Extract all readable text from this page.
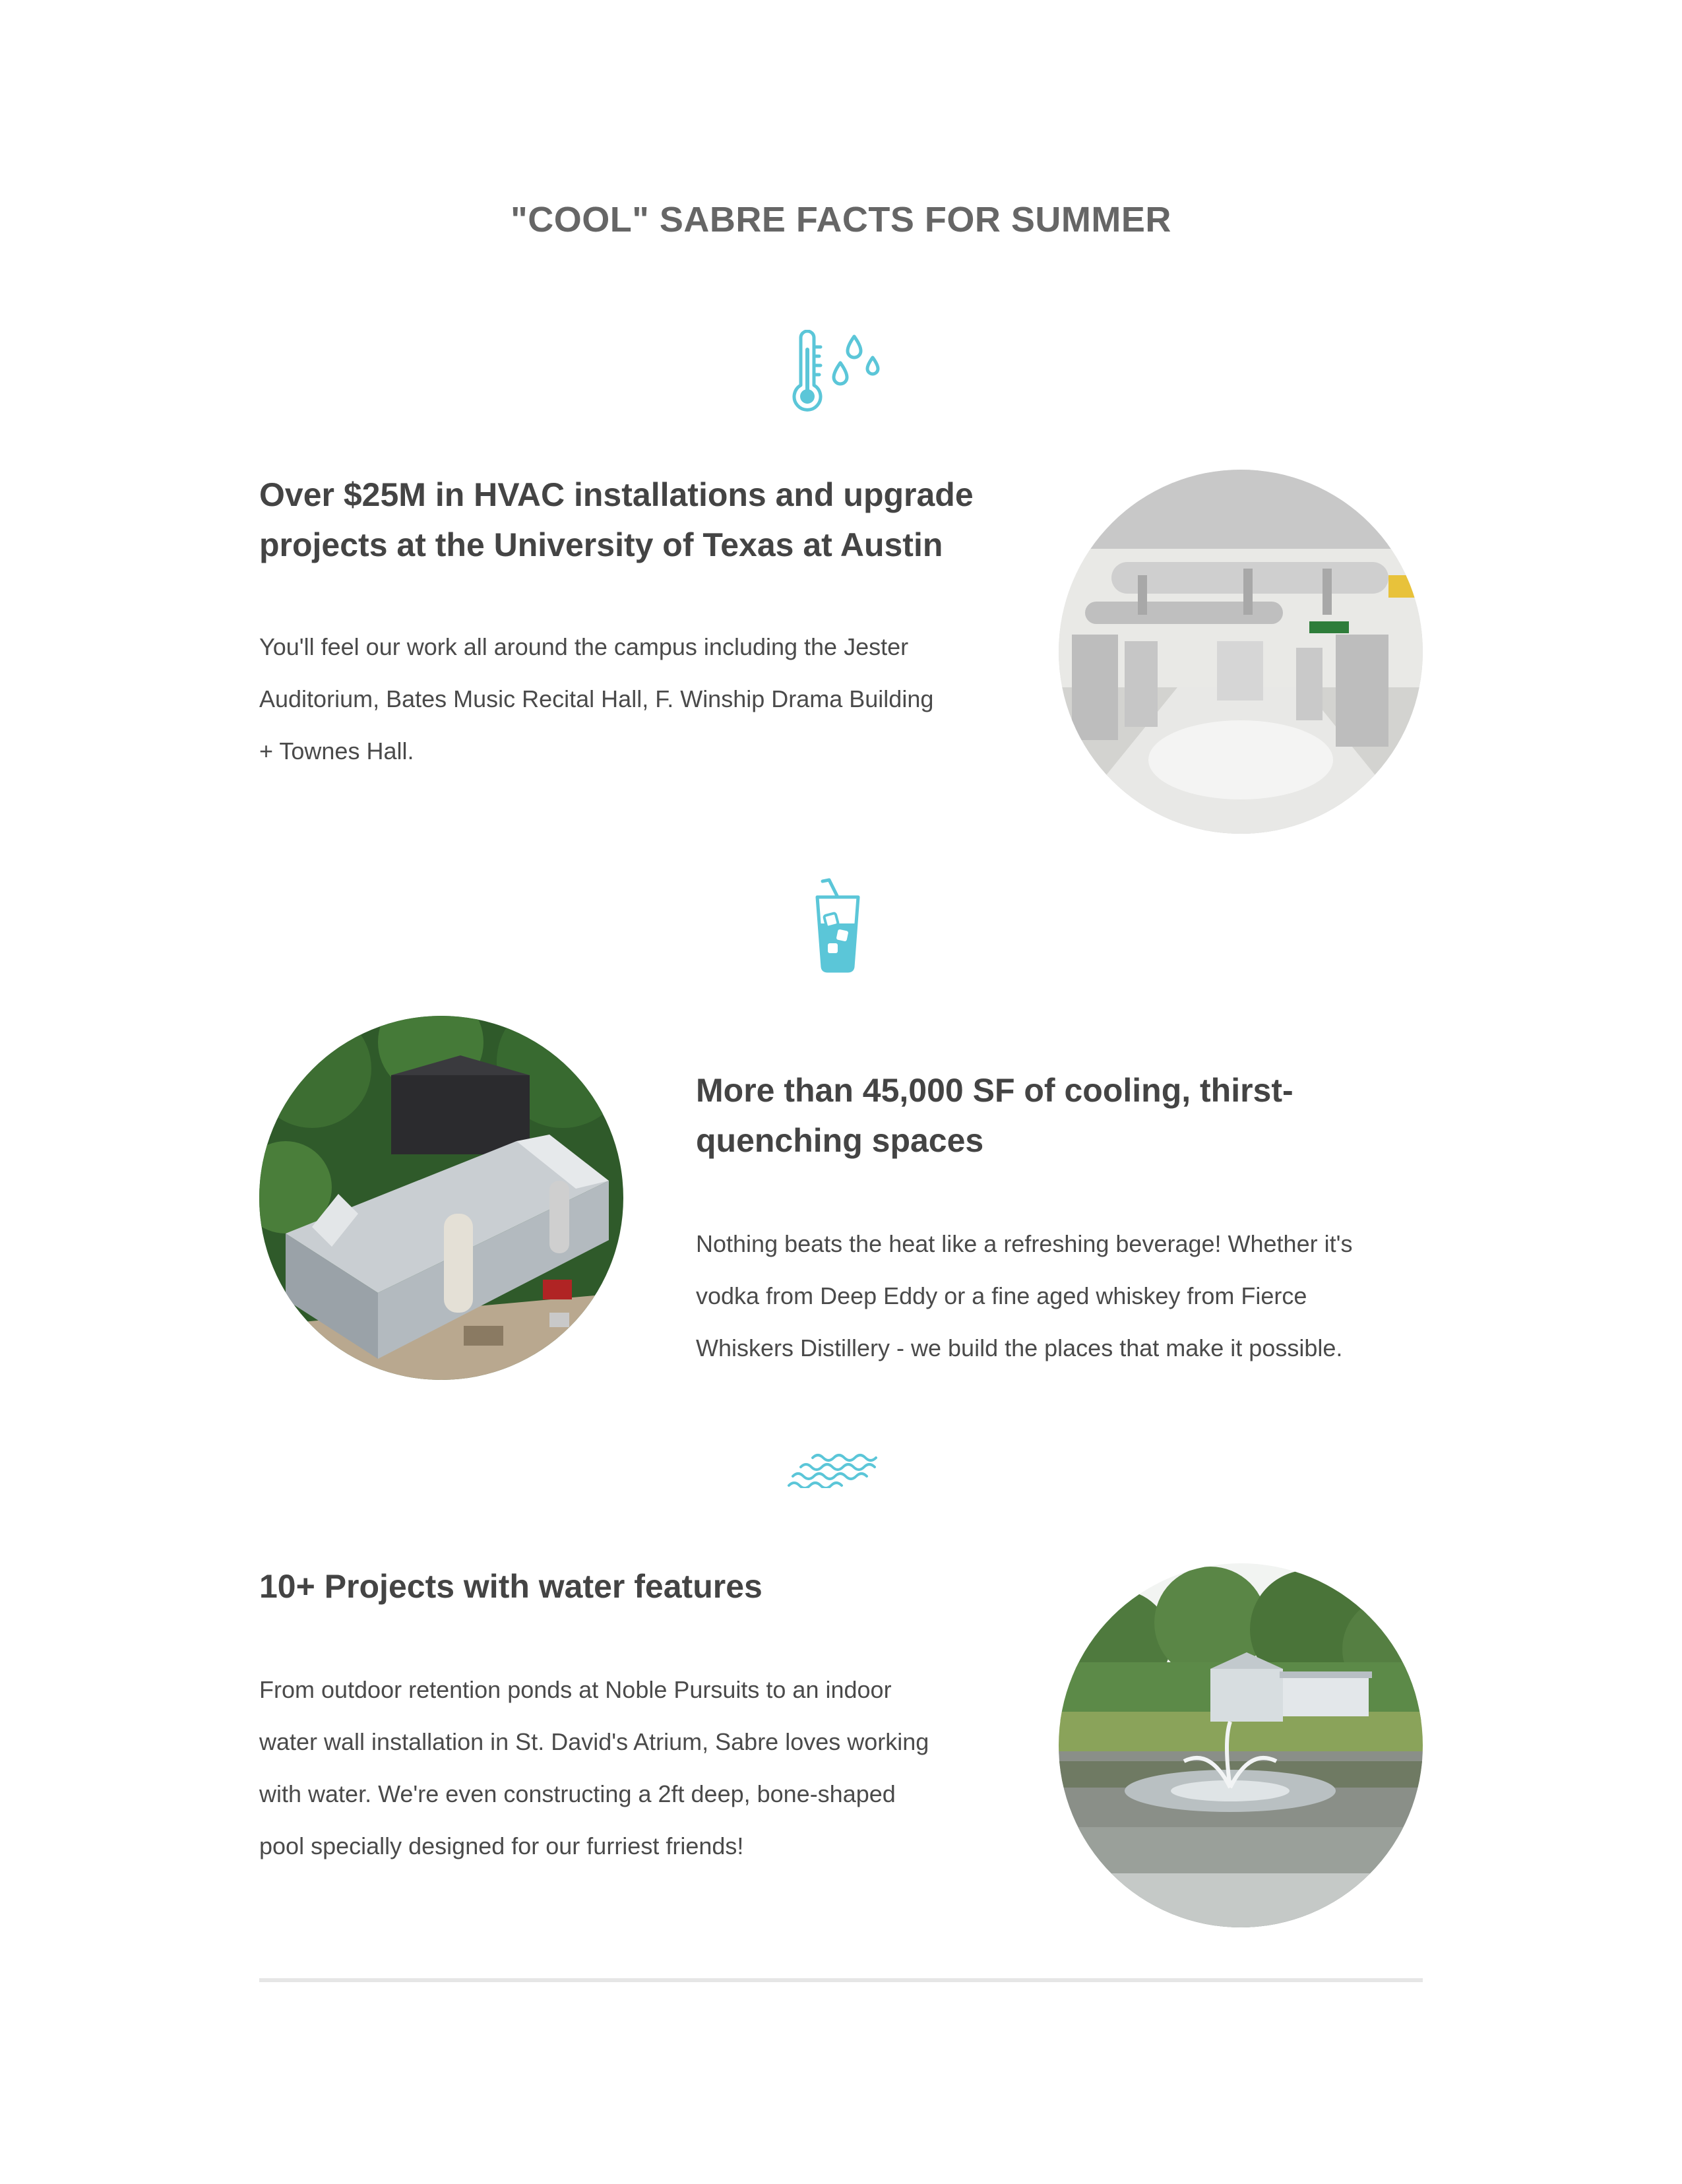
"COOL" SABRE FACTS FOR SUMMER
Over $25M in HVAC installations and upgrade
projects at the University of Texas at Austin

You'll feel our work all around the campus including the Jester
Auditorium, Bates Music Recital Hall, F. Winship Drama Building
+ Townes Hall.

More than 45,000 SF of cooling, thirst-
quenching spaces

Nothing beats the heat like a refreshing beverage! Whether it's
vodka from Deep Eddy or a fine aged whiskey from Fierce
Whiskers Distillery - we build the places that make it possible.

10+ Projects with water features

From outdoor retention ponds at Noble Pursuits to an indoor
water wall installation in St. David's Atrium, Sabre loves working
with water. We're even constructing a 2ft deep, bone-shaped
pool specially designed for our furriest friends!
